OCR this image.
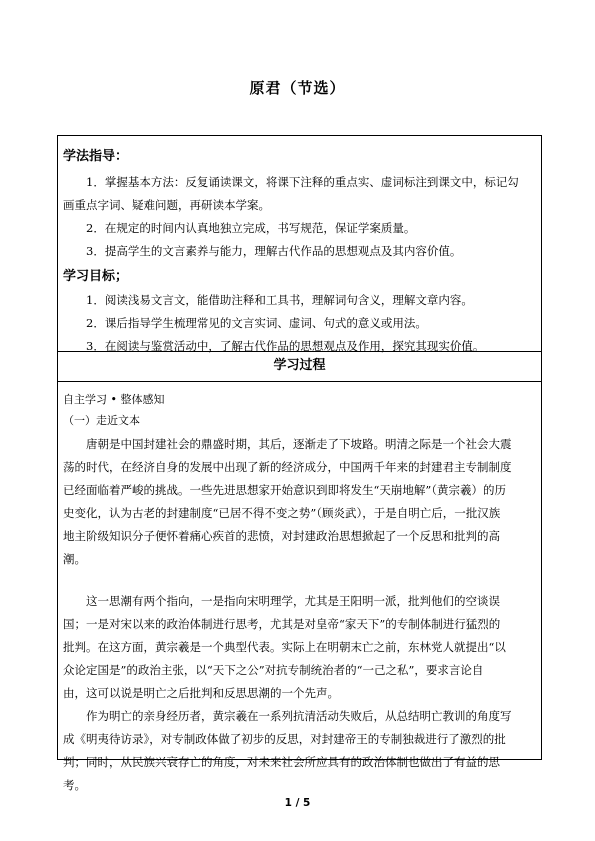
原君（节选）
学法指导：
1．掌握基本方法：反复诵读课文，将课下注释的重点实、虚词标注到课文中，标记勾
画重点字词、疑难问题，再研读本学案。
2．在规定的时间内认真地独立完成，书写规范，保证学案质量。
3．提高学生的文言素养与能力，理解古代作品的思想观点及其内容价值。
学习目标；
1．阅读浅易文言文，能借助注释和工具书，理解词句含义，理解文章内容。
2．课后指导学生梳理常见的文言实词、虚词、句式的意义或用法。
3．在阅读与鉴赏活动中，了解古代作品的思想观点及作用，探究其现实价值。
学习过程
自主学习 • 整体感知
（一）走近文本
唐朝是中国封建社会的鼎盛时期，其后，逐渐走了下坡路。明清之际是一个社会大震
荡的时代，在经济自身的发展中出现了新的经济成分，中国两千年来的封建君主专制制度
已经面临着严峻的挑战。一些先进思想家开始意识到即将发生“天崩地解”（黄宗羲）的历
史变化，认为古老的封建制度“已居不得不变之势”（顾炎武），于是自明亡后，一批汉族
地主阶级知识分子便怀着痛心疾首的悲愤，对封建政治思想掀起了一个反思和批判的高
潮。
这一思潮有两个指向，一是指向宋明理学，尤其是王阳明一派，批判他们的空谈误
国；一是对宋以来的政治体制进行思考，尤其是对皇帝“家天下”的专制体制进行猛烈的
批判。在这方面，黄宗羲是一个典型代表。实际上在明朝末亡之前，东林党人就提出“以
众论定国是”的政治主张，以“天下之公”对抗专制统治者的“一己之私”，要求言论自
由，这可以说是明亡之后批判和反思思潮的一个先声。
作为明亡的亲身经历者，黄宗羲在一系列抗清活动失败后，从总结明亡教训的角度写
成《明夷待访录》，对专制政体做了初步的反思，对封建帝王的专制独裁进行了激烈的批
判；同时，从民族兴衰存亡的角度，对未来社会所应具有的政治体制也做出了有益的思
考。
1 / 5
